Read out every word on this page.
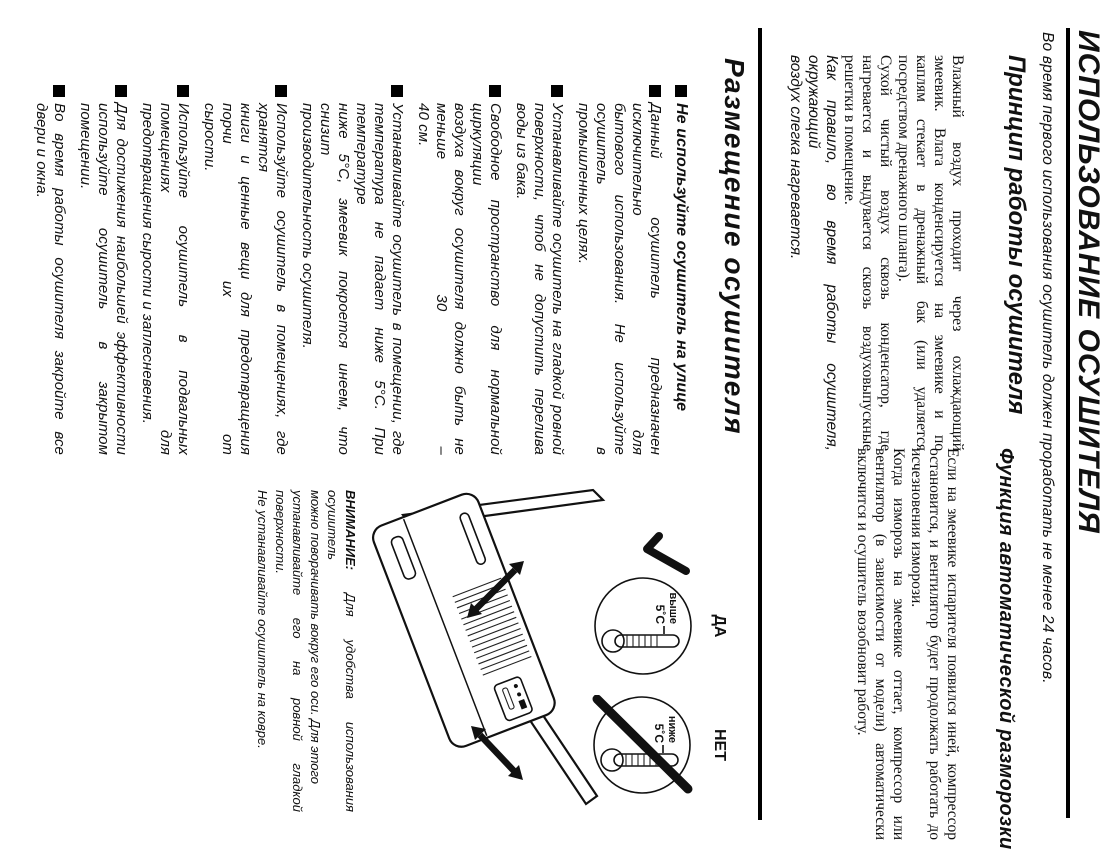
ИСПОЛЬЗОВАНИЕ ОСУШИТЕЛЯ
Во время первого использования осушитель должен проработать не менее 24 часов.
Принцип работы осушителя
Влажный воздух проходит через охлаждающий
змеевик. Влага конденсируется на змеевике и по
каплям стекает в дренажный бак (или удаляется
посредством дренажного шланга).
Сухой чистый воздух сквозь конденсатор, где
нагревается и выдувается сквозь воздуховыпускные
решетки в помещение.
Как правило, во время работы осушителя, окружающий
воздух слегка нагревается.
Функция автоматической разморозки
Если на змеевике испарителя появился иней, компрессор
остановится, и вентилятор будет продолжать работать до
исчезновения изморози.
Когда изморозь на змеевике оттает, компрессор или
вентилятор (в зависимости от модели) автоматически
включится и осушитель возобновит работу.
Размещение осушителя
Не используйте осушитель на улице
Данный осушитель предназначен исключительно для
бытового использования. Не используйте осушитель в
промышленных целях.
Устанавливайте осушитель на гладкой ровной
поверхности, чтоб не допустить перелива воды из бака.
Свободное пространство для нормальной циркуляции
воздуха вокруг осушителя должно быть не меньше 30 –
40 см.
Устанавливайте осушитель в помещении, где
температура не падает ниже 5°С. При температуре
ниже 5°С, змеевик покроется инеем, что снизит
производительность осушителя.
Используйте осушитель в помещениях, где хранятся
книги и ценные вещи для предотвращения порчи их от
сырости.
Используйте осушитель в подвальных помещениях для
предотвращения сырости и заплесневения.
Для достижения наибольшей эффективности
используйте осушитель в закрытом помещении.
Во время работы осушителя закройте все двери и окна.
ДА
НЕТ
выше
5˚C
ниже
5˚C
ВНИМАНИЕ: Для удобства использования осушитель
можно поворачивать вокруг его оси. Для этого
устанавливайте его на ровной гладкой поверхности.
Не устанавливайте осушитель на ковре.
